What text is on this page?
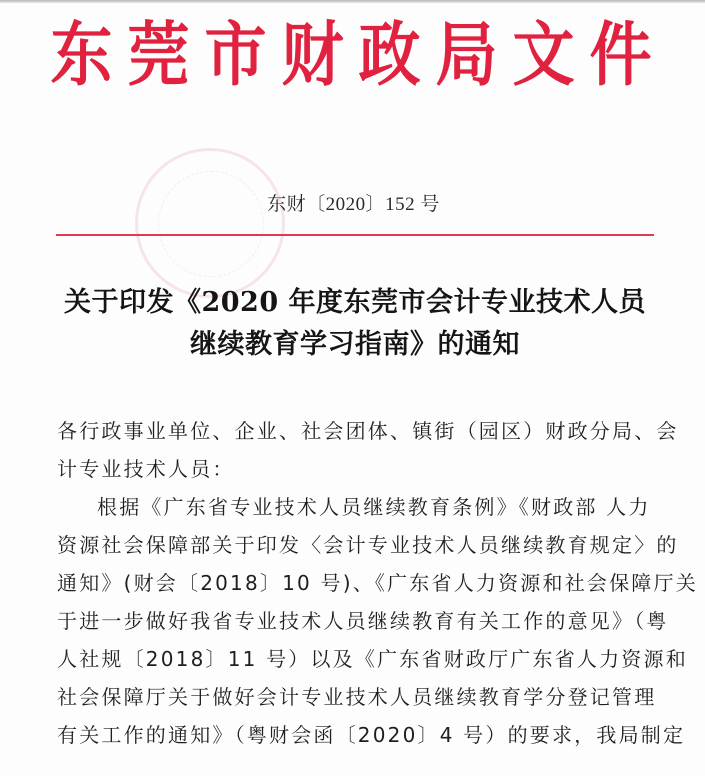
东莞市财政局文件
东财〔2020〕152 号
关于印发《2020 年度东莞市会计专业技术人员
继续教育学习指南》的通知
各行政事业单位、企业、社会团体、镇街（园区）财政分局、会
计专业技术人员：
根据《广东省专业技术人员继续教育条例》《财政部 人力
资源社会保障部关于印发〈会计专业技术人员继续教育规定〉的
通知》(财会〔2018〕10 号)、《广东省人力资源和社会保障厅关
于进一步做好我省专业技术人员继续教育有关工作的意见》（粤
人社规〔2018〕11 号）以及《广东省财政厅广东省人力资源和
社会保障厅关于做好会计专业技术人员继续教育学分登记管理
有关工作的通知》（粤财会函〔2020〕4 号）的要求，我局制定
